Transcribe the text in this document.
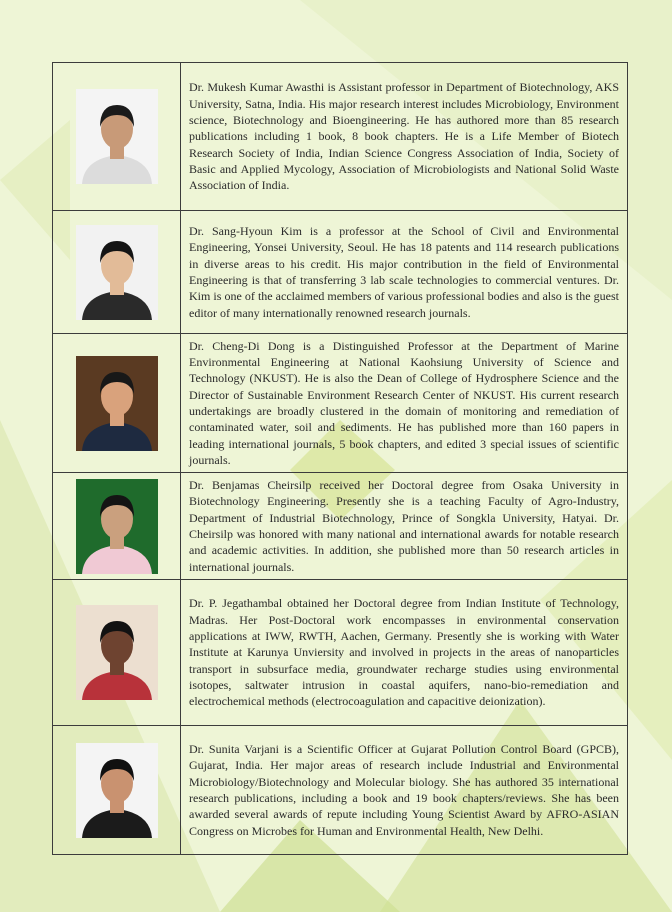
	Dr. Mukesh Kumar Awasthi is Assistant professor in Department of Biotechnology, AKS University, Satna, India. His major research interest includes Microbiology, Environment science, Biotechnology and Bioengineering. He has authored more than 85 research publications including 1 book, 8 book chapters. He is a Life Member of Biotech Research Society of India, Indian Science Congress Association of India, Society of Basic and Applied Mycology, Association of Microbiologists and National Solid Waste Association of India.

	Dr. Sang-Hyoun Kim is a professor at the School of Civil and Environmental Engineering, Yonsei University, Seoul. He has 18 patents and 114 research publications in diverse areas to his credit. His major contribution in the field of Environmental Engineering is that of transferring 3 lab scale technologies to commercial ventures. Dr. Kim is one of the acclaimed members of various professional bodies and also is the guest editor of many internationally renowned research journals.

	Dr. Cheng-Di Dong is a Distinguished Professor at the Department of Marine Environmental Engineering at National Kaohsiung University of Science and Technology (NKUST). He is also the Dean of College of Hydrosphere Science and the Director of Sustainable Environment Research Center of NKUST. His current research undertakings are broadly clustered in the domain of monitoring and remediation of contaminated water, soil and sediments. He has published more than 160 papers in leading international journals, 5 book chapters, and edited 3 special issues of scientific journals.

	Dr. Benjamas Cheirsilp received her Doctoral degree from Osaka University in Biotechnology Engineering. Presently she is a teaching Faculty of Agro-Industry, Department of Industrial Biotechnology, Prince of Songkla University, Hatyai. Dr. Cheirsilp was honored with many national and international awards for notable research and academic activities. In addition, she published more than 50 research articles in international journals.

	Dr. P. Jegathambal obtained her Doctoral degree from Indian Institute of Technology, Madras. Her Post-Doctoral work encompasses in environmental conservation applications at IWW, RWTH, Aachen, Germany. Presently she is working with Water Institute at Karunya Unviersity and involved in projects in the areas of nanoparticles transport in subsurface media, groundwater recharge studies using environmental isotopes, saltwater intrusion in coastal aquifers, nano-bio-remediation and electrochemical methods (electrocoagulation and capacitive deionization).

	Dr. Sunita Varjani is a Scientific Officer at Gujarat Pollution Control Board (GPCB), Gujarat, India. Her major areas of research include Industrial and Environmental Microbiology/Biotechnology and Molecular biology. She has authored 35 international research publications, including a book and 19 book chapters/reviews. She has been awarded several awards of repute including Young Scientist Award by AFRO-ASIAN Congress on Microbes for Human and Environmental Health, New Delhi.
